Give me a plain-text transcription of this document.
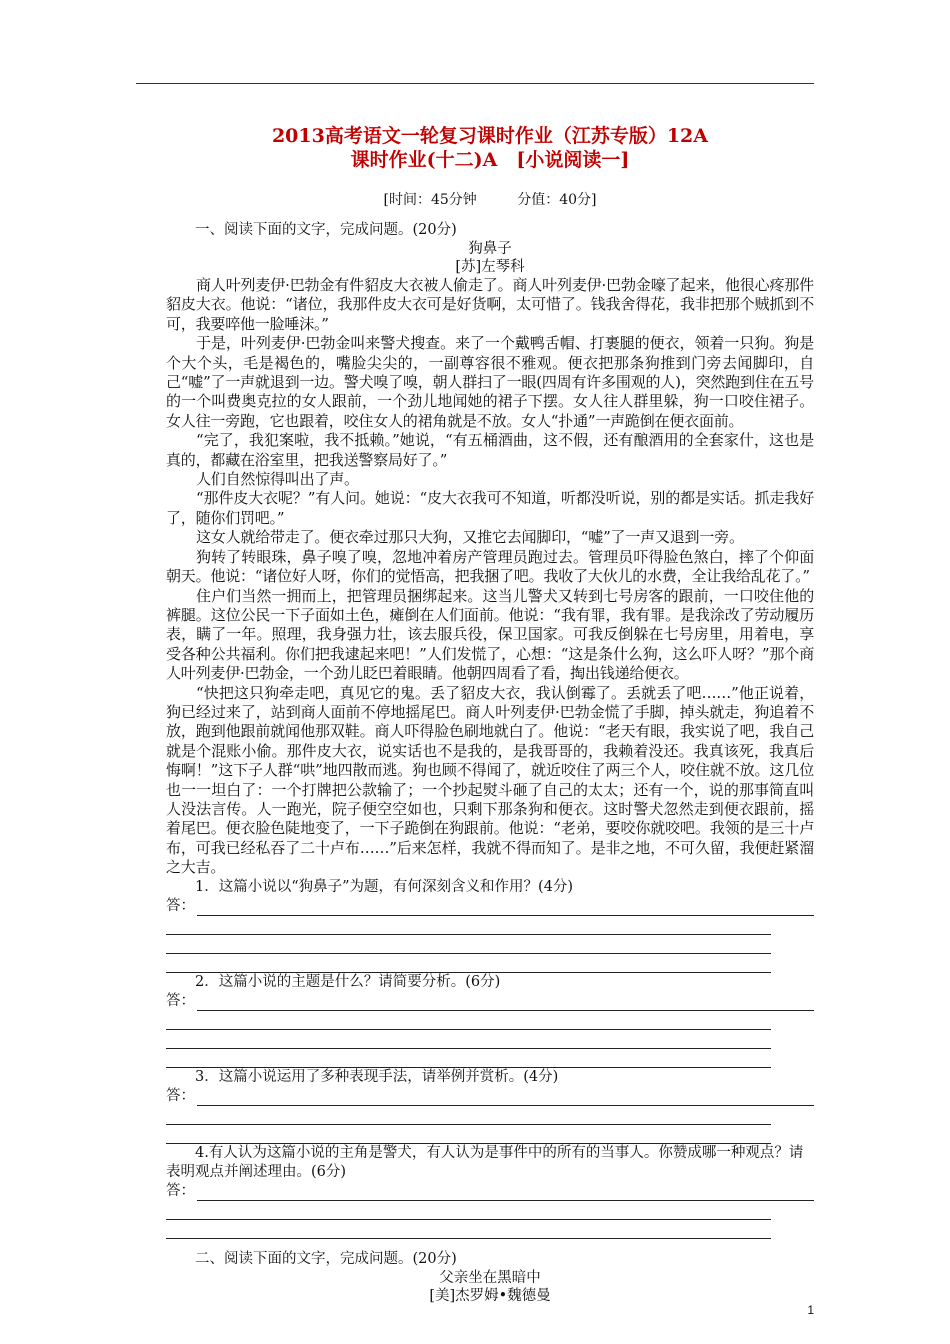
2013高考语文一轮复习课时作业（江苏专版）12A
课时作业(十二)A　[小说阅读一]
[时间：45分钟	分值：40分]

一、阅读下面的文字，完成问题。(20分)

狗鼻子
[苏]左琴科

商人叶列麦伊·巴勃金有件貂皮大衣被人偷走了。商人叶列麦伊·巴勃金嚎了起来，他很心疼那件貂皮大衣。他说：“诸位，我那件皮大衣可是好货啊，太可惜了。钱我舍得花，我非把那个贼抓到不可，我要啐他一脸唾沫。”

于是，叶列麦伊·巴勃金叫来警犬搜查。来了一个戴鸭舌帽、打裹腿的便衣，领着一只狗。狗是个大个头，毛是褐色的，嘴脸尖尖的，一副尊容很不雅观。便衣把那条狗推到门旁去闻脚印，自己“嘘”了一声就退到一边。警犬嗅了嗅，朝人群扫了一眼(四周有许多围观的人)，突然跑到住在五号的一个叫费奥克拉的女人跟前，一个劲儿地闻她的裙子下摆。女人往人群里躲，狗一口咬住裙子。女人往一旁跑，它也跟着，咬住女人的裙角就是不放。女人“扑通”一声跪倒在便衣面前。

“完了，我犯案啦，我不抵赖。”她说，“有五桶酒曲，这不假，还有酿酒用的全套家什，这也是真的，都藏在浴室里，把我送警察局好了。”

人们自然惊得叫出了声。

“那件皮大衣呢？”有人问。她说：“皮大衣我可不知道，听都没听说，别的都是实话。抓走我好了，随你们罚吧。”

这女人就给带走了。便衣牵过那只大狗，又推它去闻脚印，“嘘”了一声又退到一旁。

狗转了转眼珠，鼻子嗅了嗅，忽地冲着房产管理员跑过去。管理员吓得脸色煞白，摔了个仰面朝天。他说：“诸位好人呀，你们的觉悟高，把我捆了吧。我收了大伙儿的水费，全让我给乱花了。”

住户们当然一拥而上，把管理员捆绑起来。这当儿警犬又转到七号房客的跟前，一口咬住他的裤腿。这位公民一下子面如土色，瘫倒在人们面前。他说：“我有罪，我有罪。是我涂改了劳动履历表，瞒了一年。照理，我身强力壮，该去服兵役，保卫国家。可我反倒躲在七号房里，用着电，享受各种公共福利。你们把我逮起来吧！”人们发慌了，心想：“这是条什么狗，这么吓人呀？”那个商人叶列麦伊·巴勃金，一个劲儿眨巴着眼睛。他朝四周看了看，掏出钱递给便衣。

“快把这只狗牵走吧，真见它的鬼。丢了貂皮大衣，我认倒霉了。丢就丢了吧……”他正说着，狗已经过来了，站到商人面前不停地摇尾巴。商人叶列麦伊·巴勃金慌了手脚，掉头就走，狗追着不放，跑到他跟前就闻他那双鞋。商人吓得脸色刷地就白了。他说：“老天有眼，我实说了吧，我自己就是个混账小偷。那件皮大衣，说实话也不是我的，是我哥哥的，我赖着没还。我真该死，我真后悔啊！”这下子人群“哄”地四散而逃。狗也顾不得闻了，就近咬住了两三个人，咬住就不放。这几位也一一坦白了：一个打牌把公款输了；一个抄起熨斗砸了自己的太太；还有一个，说的那事简直叫人没法言传。人一跑光，院子便空空如也，只剩下那条狗和便衣。这时警犬忽然走到便衣跟前，摇着尾巴。便衣脸色陡地变了，一下子跪倒在狗跟前。他说：“老弟，要咬你就咬吧。我领的是三十卢布，可我已经私吞了二十卢布……”后来怎样，我就不得而知了。是非之地，不可久留，我便赶紧溜之大吉。

1．这篇小说以“狗鼻子”为题，有何深刻含义和作用？(4分)

答：

2．这篇小说的主题是什么？请简要分析。(6分)

答：

3．这篇小说运用了多种表现手法，请举例并赏析。(4分)

答：

4.有人认为这篇小说的主角是警犬，有人认为是事件中的所有的当事人。你赞成哪一种观点？请表明观点并阐述理由。(6分)

答：

二、阅读下面的文字，完成问题。(20分)

父亲坐在黑暗中
[美]杰罗姆•魏德曼
1
